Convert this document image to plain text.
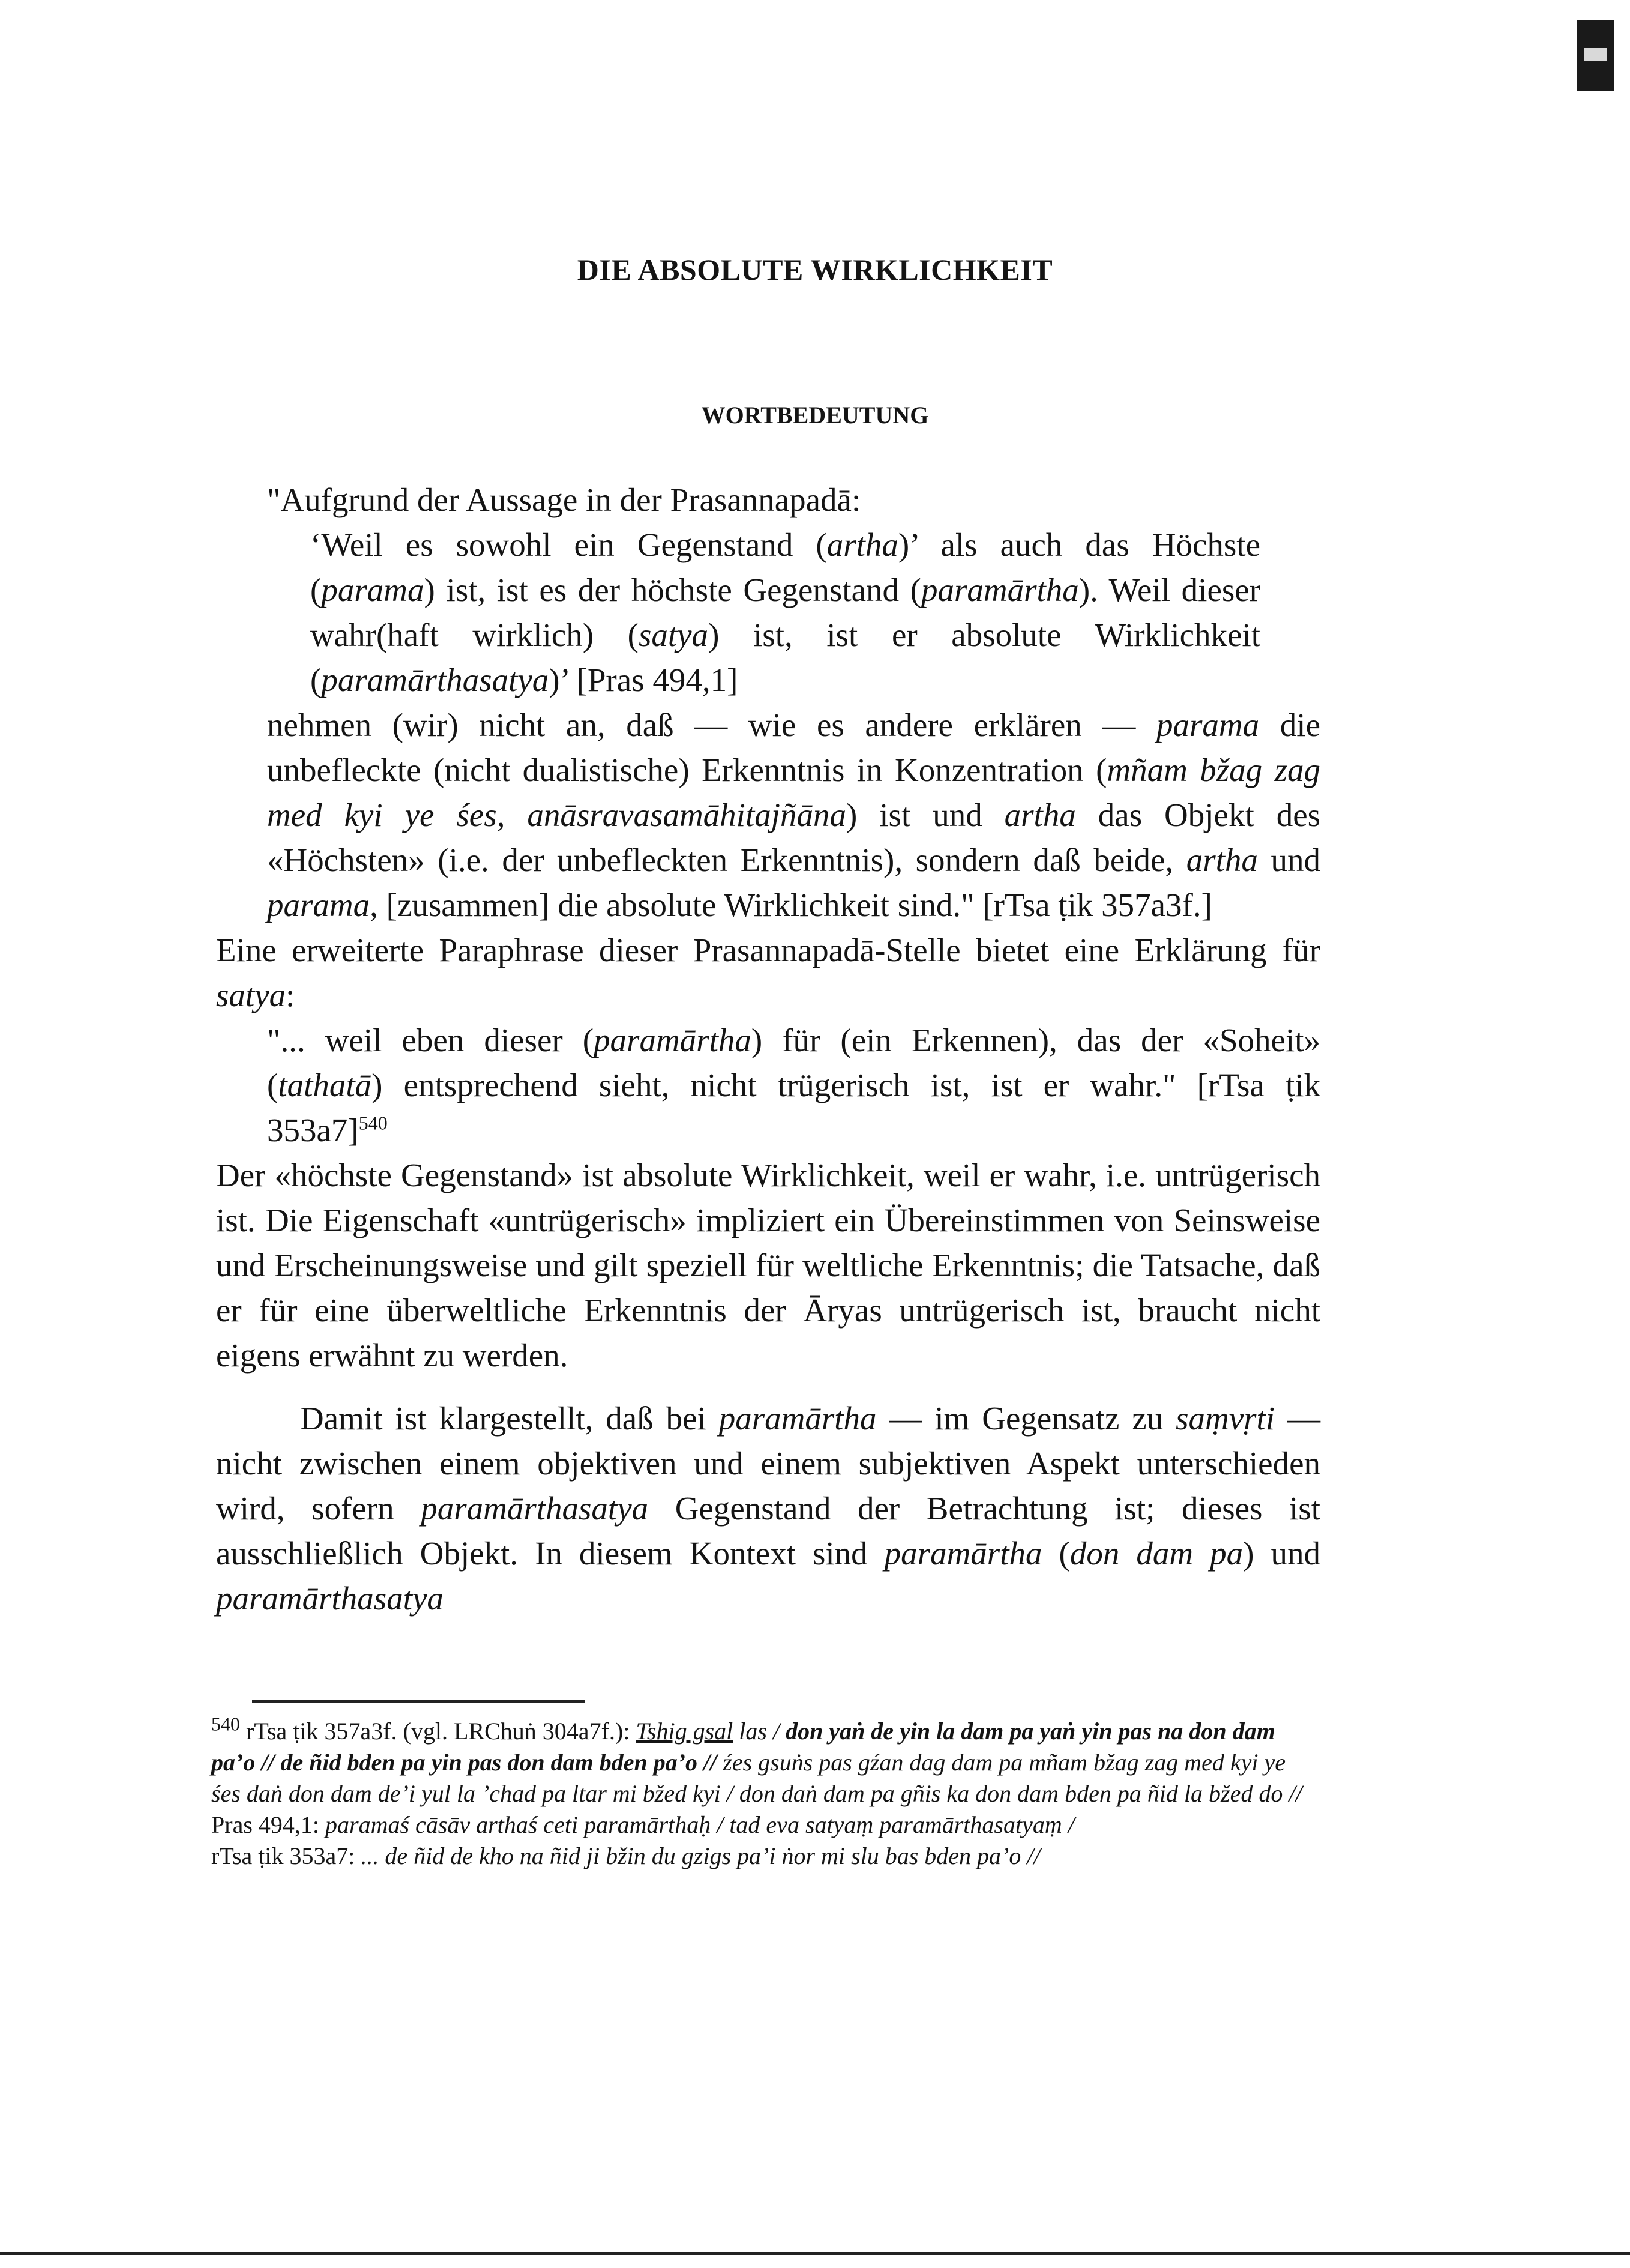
DIE ABSOLUTE WIRKLICHKEIT
WORTBEDEUTUNG

"Aufgrund der Aussage in der Prasannapadā:

‘Weil es sowohl ein Gegenstand (artha)’ als auch das Höchste (parama) ist, ist es der höchste Gegenstand (paramārtha). Weil dieser wahr(haft wirklich) (satya) ist, ist er absolute Wirklichkeit (paramārthasatya)’ [Pras 494,1]

nehmen (wir) nicht an, daß — wie es andere erklären — parama die unbefleckte (nicht dualistische) Erkenntnis in Konzentration (mñam bžag zag med kyi ye śes, anāsravasamāhitajñāna) ist und artha das Objekt des «Höchsten» (i.e. der unbefleckten Erkenntnis), sondern daß beide, artha und parama, [zusammen] die absolute Wirklichkeit sind." [rTsa ṭik 357a3f.]

Eine erweiterte Paraphrase dieser Prasannapadā-Stelle bietet eine Erklärung für satya:

"... weil eben dieser (paramārtha) für (ein Erkennen), das der «Soheit» (tathatā) entsprechend sieht, nicht trügerisch ist, ist er wahr." [rTsa ṭik 353a7]$^{540}$

Der «höchste Gegenstand» ist absolute Wirklichkeit, weil er wahr, i.e. untrügerisch ist. Die Eigenschaft «untrügerisch» impliziert ein Übereinstimmen von Seinsweise und Erscheinungsweise und gilt speziell für weltliche Erkenntnis; die Tatsache, daß er für eine überweltliche Erkenntnis der Āryas untrügerisch ist, braucht nicht eigens erwähnt zu werden.

Damit ist klargestellt, daß bei paramārtha — im Gegensatz zu saṃvṛti — nicht zwischen einem objektiven und einem subjektiven Aspekt unterschieden wird, sofern paramārthasatya Gegenstand der Betrachtung ist; dieses ist ausschließlich Objekt. In diesem Kontext sind paramārtha (don dam pa) und paramārthasatya

$^{540}$ rTsa ṭik 357a3f. (vgl. LRChuṅ 304a7f.): Tshig gsal las / don yaṅ de yin la dam pa yaṅ yin pas na don dam pa’o // de ñid bden pa yin pas don dam bden pa’o // źes gsuṅs pas gźan dag dam pa mñam bžag zag med kyi ye śes daṅ don dam de’i yul la ’chad pa ltar mi bžed kyi / don daṅ dam pa gñis ka don dam bden pa ñid la bžed do //

Pras 494,1: paramaś cāsāv arthaś ceti paramārthaḥ / tad eva satyaṃ paramārthasatyaṃ /

rTsa ṭik 353a7: ... de ñid de kho na ñid ji bžin du gzigs pa’i ṅor mi slu bas bden pa’o //
